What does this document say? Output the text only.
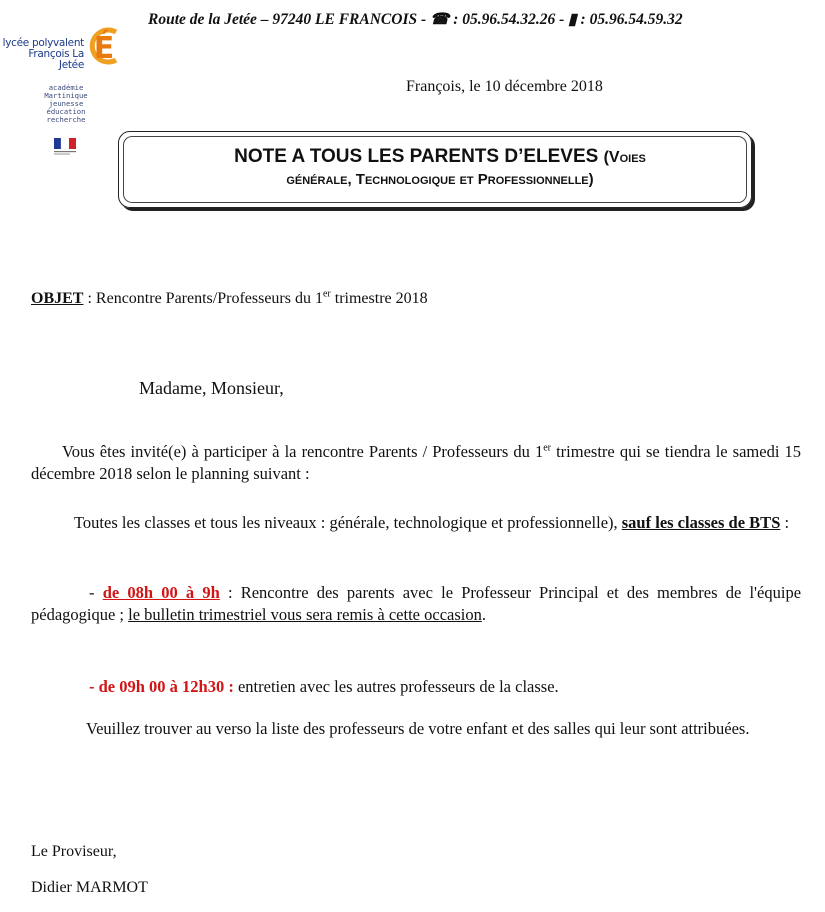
Route de la Jetée – 97240 LE FRANCOIS - ☎ : 05.96.54.32.26 - ▮ : 05.96.54.59.32
lycée polyvalent
François La Jetée É
académie
Martinique
jeunesse
éducation
recherche
François, le 10 décembre 2018
NOTE A TOUS LES PARENTS D’ELEVES (Voies
générale, Technologique et Professionnelle)
OBJET : Rencontre Parents/Professeurs du 1er trimestre 2018
Madame, Monsieur,
Vous êtes invité(e) à participer à la rencontre Parents / Professeurs du 1er trimestre qui se tiendra le samedi 15 décembre 2018 selon le planning suivant :
Toutes les classes et tous les niveaux : générale, technologique et professionnelle), sauf les classes de BTS :
- de 08h 00 à 9h : Rencontre des parents avec le Professeur Principal et des membres de l'équipe pédagogique ; le bulletin trimestriel vous sera remis à cette occasion.
- de 09h 00 à 12h30 : entretien avec les autres professeurs de la classe.
Veuillez trouver au verso la liste des professeurs de votre enfant et des salles qui leur sont attribuées.
Le Proviseur,
Didier MARMOT
